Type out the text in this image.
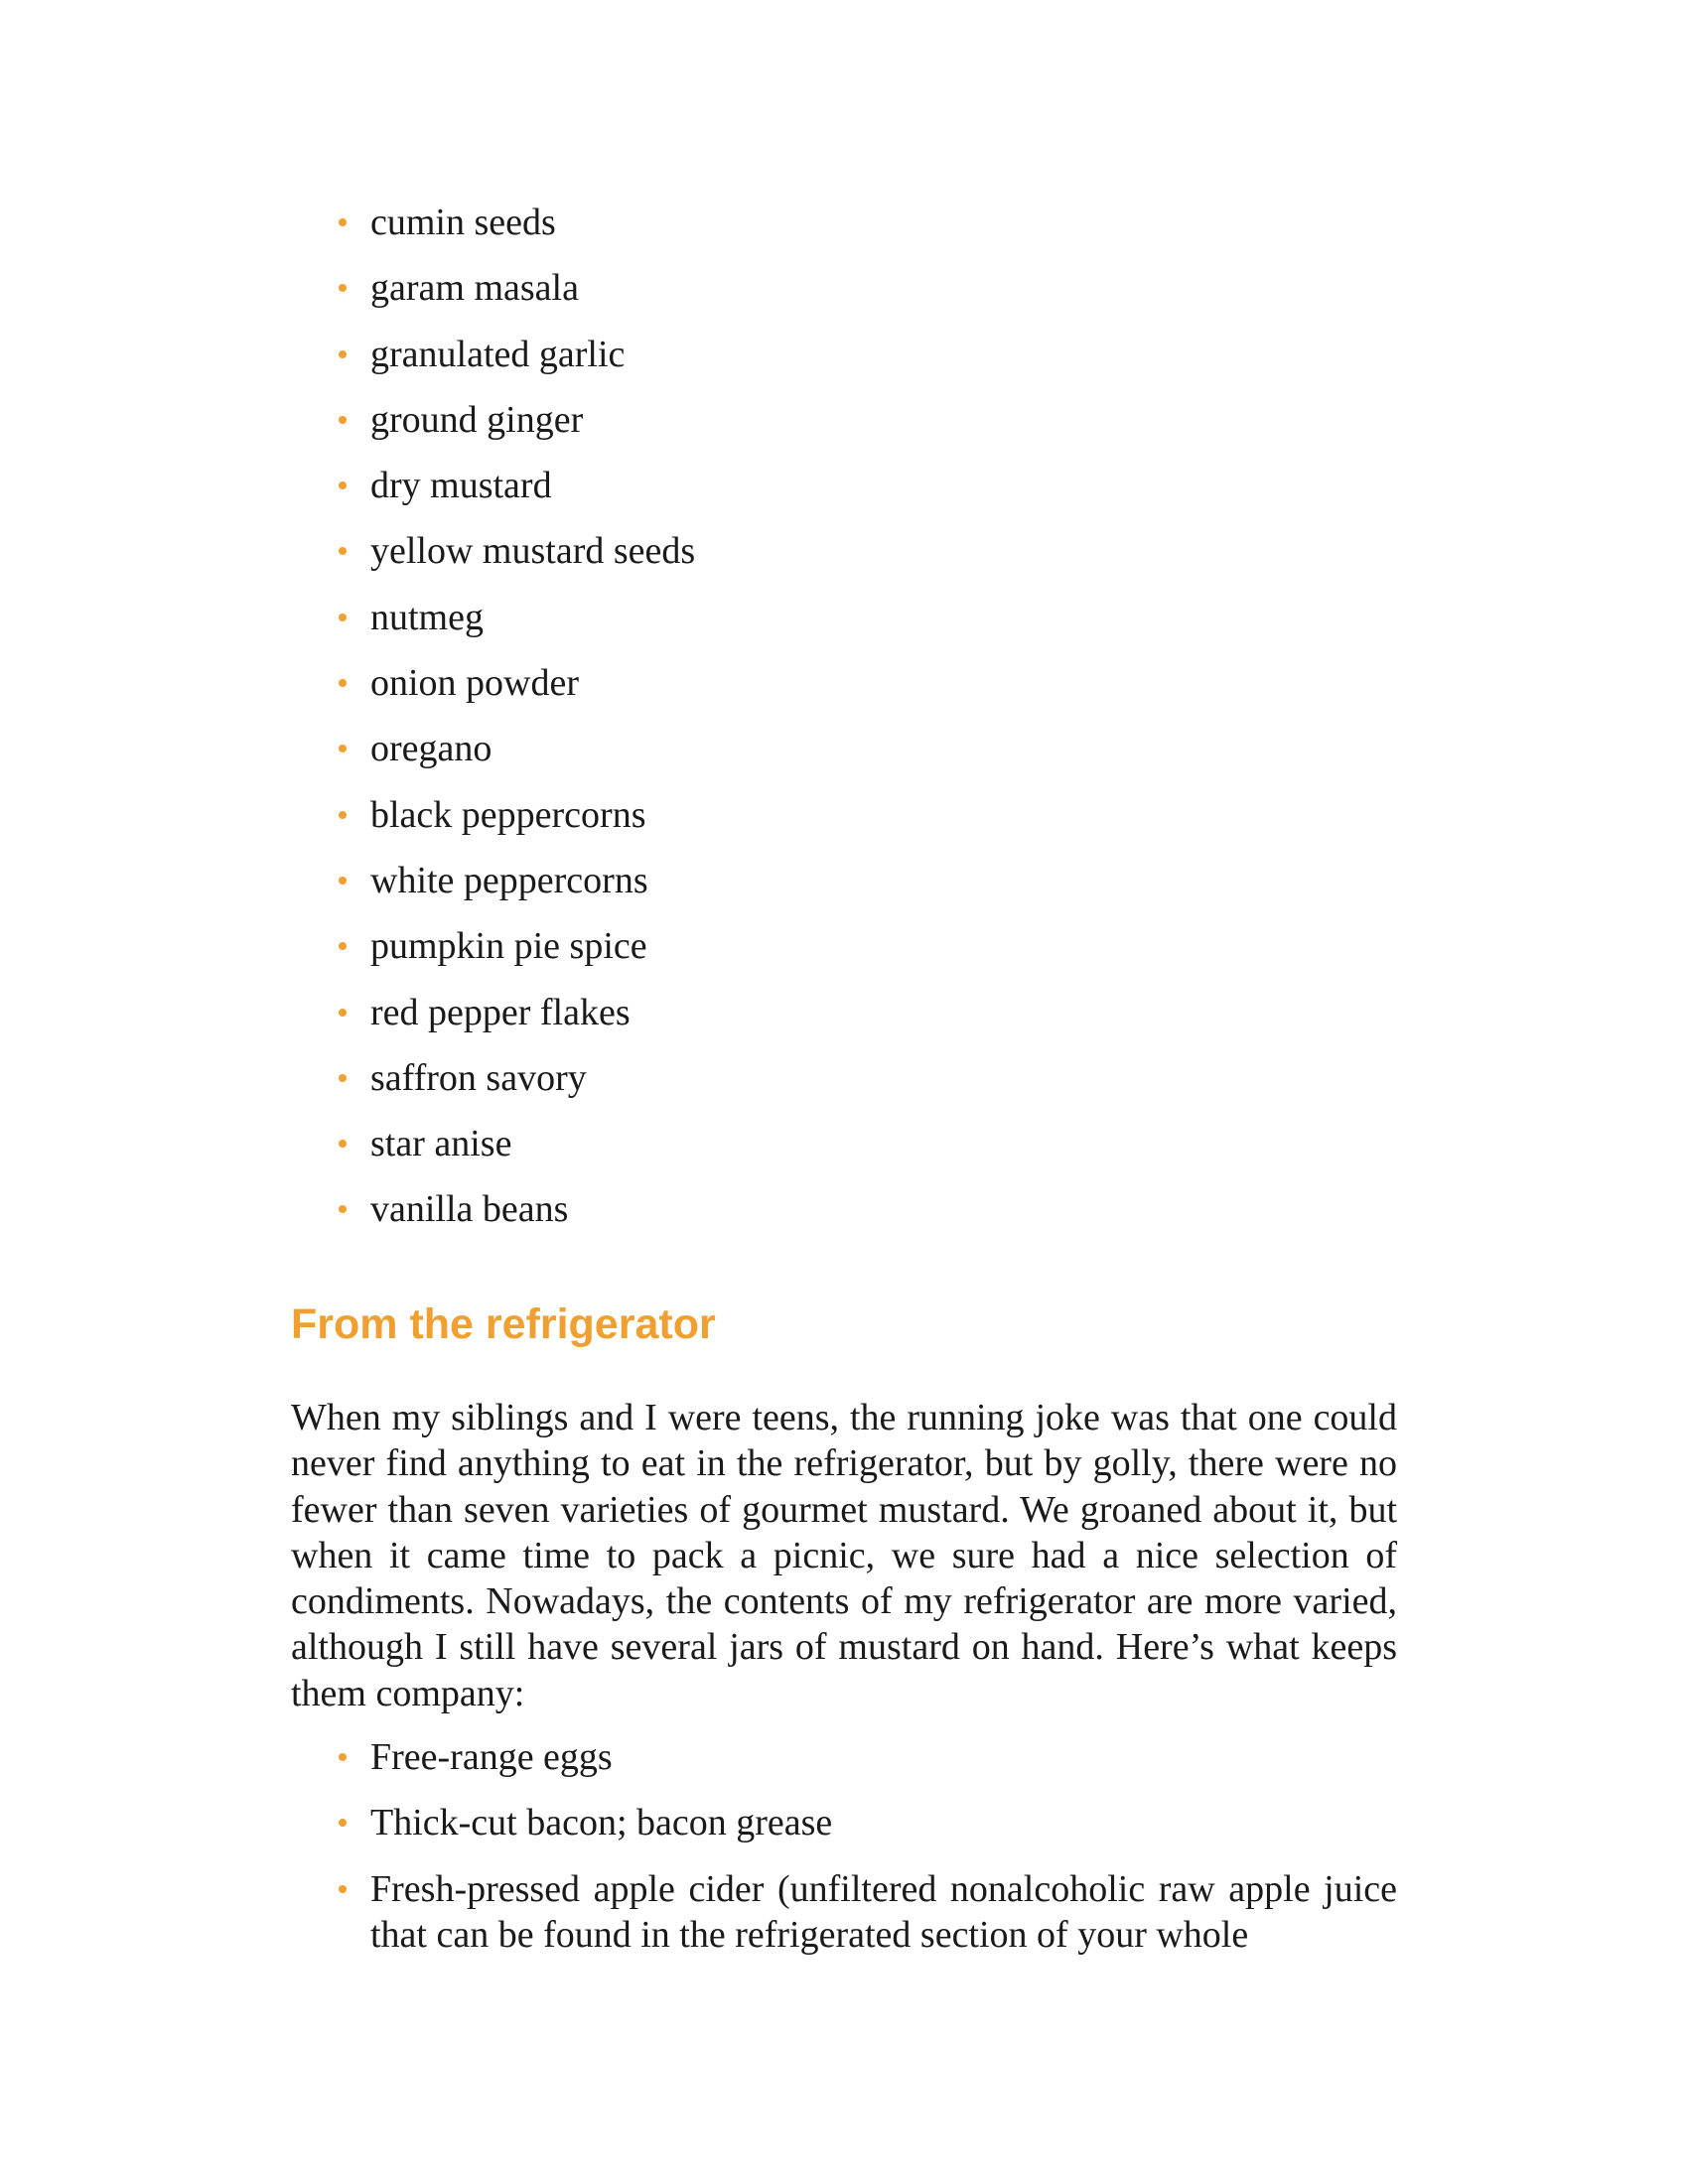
cumin seeds
garam masala
granulated garlic
ground ginger
dry mustard
yellow mustard seeds
nutmeg
onion powder
oregano
black peppercorns
white peppercorns
pumpkin pie spice
red pepper flakes
saffron savory
star anise
vanilla beans
From the refrigerator

When my siblings and I were teens, the running joke was that one could never find anything to eat in the refrigerator, but by golly, there were no fewer than seven varieties of gourmet mustard. We groaned about it, but when it came time to pack a picnic, we sure had a nice selection of condiments. Nowadays, the contents of my refrigerator are more varied, although I still have several jars of mustard on hand. Here’s what keeps them company:

Free-range eggs
Thick-cut bacon; bacon grease
Fresh-pressed apple cider (unfiltered nonalcoholic raw apple juice that can be found in the refrigerated section of your whole
